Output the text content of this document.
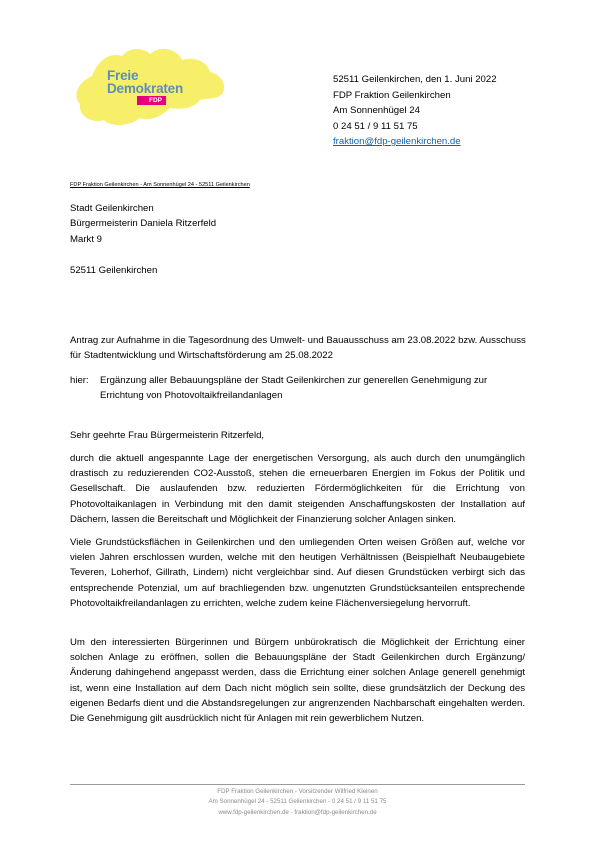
Freie
Demokraten
FDP
52511 Geilenkirchen, den 1. Juni 2022
FDP Fraktion Geilenkirchen
Am Sonnenhügel 24
0 24 51 / 9 11 51 75
fraktion@fdp-geilenkirchen.de
FDP Fraktion Geilenkirchen - Am Sonnenhügel 24 - 52511 Geilenkirchen
Stadt Geilenkirchen
Bürgermeisterin Daniela Ritzerfeld
Markt 9
52511 Geilenkirchen
Antrag zur Aufnahme in die Tagesordnung des Umwelt- und Bauausschuss am 23.08.2022 bzw. Ausschuss für Stadtentwicklung und Wirtschaftsförderung am 25.08.2022
hier: Ergänzung aller Bebauungspläne der Stadt Geilenkirchen zur generellen Genehmigung zur Errichtung von Photovoltaikfreilandanlagen
Sehr geehrte Frau Bürgermeisterin Ritzerfeld,
durch die aktuell angespannte Lage der energetischen Versorgung, als auch durch den unumgänglich drastisch zu reduzierenden CO2-Ausstoß, stehen die erneuerbaren Energien im Fokus der Politik und Gesellschaft. Die auslaufenden bzw. reduzierten Fördermöglichkeiten für die Errichtung von Photovoltaikanlagen in Verbindung mit den damit steigenden Anschaffungskosten der Installation auf Dächern, lassen die Bereitschaft und Möglichkeit der Finanzierung solcher Anlagen sinken.
Viele Grundstücksflächen in Geilenkirchen und den umliegenden Orten weisen Größen auf, welche vor vielen Jahren erschlossen wurden, welche mit den heutigen Verhältnissen (Beispielhaft Neubaugebiete Teveren, Loherhof, Gillrath, Lindern) nicht vergleichbar sind. Auf diesen Grundstücken verbirgt sich das entsprechende Potenzial, um auf brachliegenden bzw. ungenutzten Grundstücksanteilen entsprechende Photovoltaikfreilandanlagen zu errichten, welche zudem keine Flächenversiegelung hervorruft.
Um den interessierten Bürgerinnen und Bürgern unbürokratisch die Möglichkeit der Errichtung einer solchen Anlage zu eröffnen, sollen die Bebauungspläne der Stadt Geilenkirchen durch Ergänzung/Änderung dahingehend angepasst werden, dass die Errichtung einer solchen Anlage generell genehmigt ist, wenn eine Installation auf dem Dach nicht möglich sein sollte, diese grundsätzlich der Deckung des eigenen Bedarfs dient und die Abstandsregelungen zur angrenzenden Nachbarschaft eingehalten werden. Die Genehmigung gilt ausdrücklich nicht für Anlagen mit rein gewerblichem Nutzen.
FDP Fraktion Geilenkirchen - Vorsitzender Wilfried Kleinen
Am Sonnenhügel 24 - 52511 Geilenkirchen - 0 24 51 / 9 11 51 75
www.fdp-geilenkirchen.de - fraktion@fdp-geilenkirchen.de
